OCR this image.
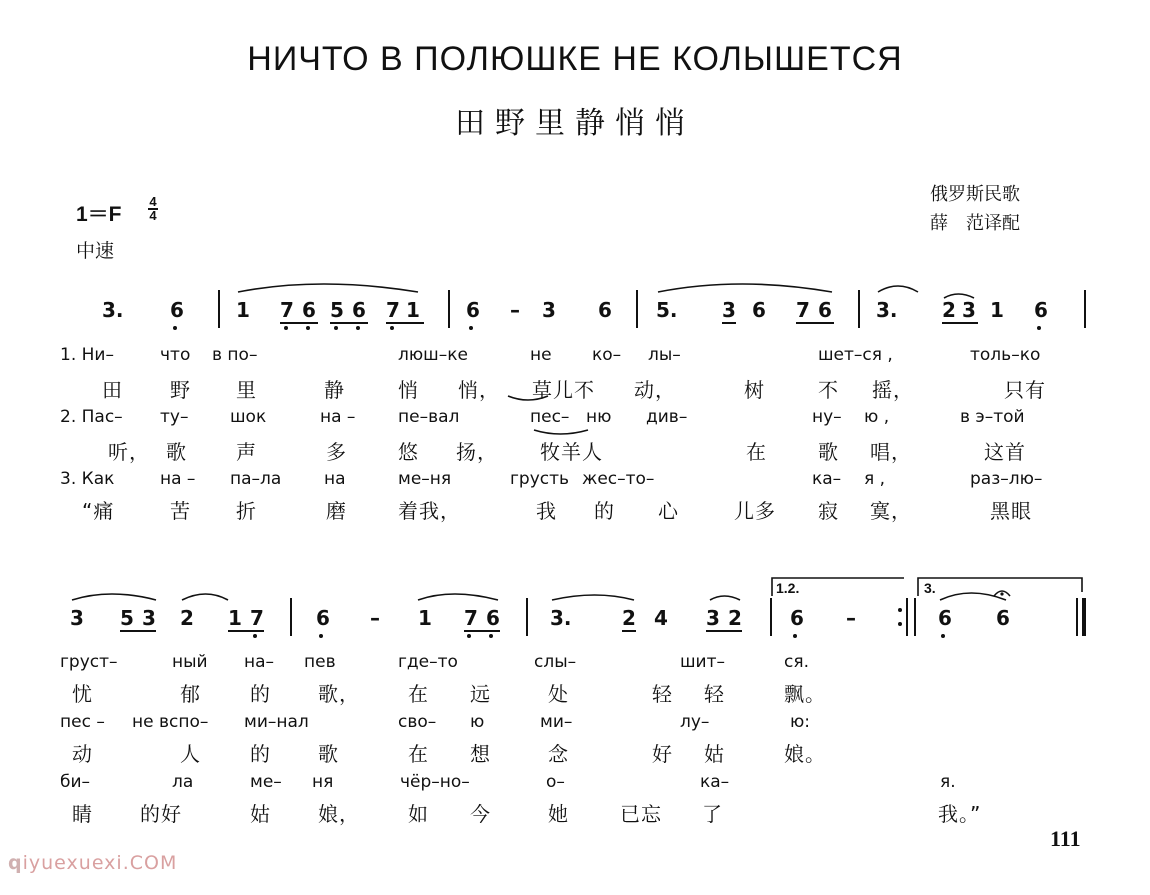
НИЧТО В ПОЛЮШКЕ НЕ КОЛЫШЕТСЯ
田野里静悄悄
1＝F
4
4
中速
俄罗斯民歌
薛　范译配
3. 6	1 7 6 5 6 7 1 6 – 3 6 5. 3 6 7 6 3. 2 3 1 6
1. Ни–	что в по–	люш–ке	не ко– лы–	шет–ся ,	толь–ко
田 野 里	静	悄 悄， 草儿不 动，	树	不 摇，	只有
2. Пас– ту– шок	на –	пе–вал	пес– ню див–	ну– ю ,	в э–той
听， 歌 声	多	悠 扬， 牧羊人	在	歌 唱，	这首
3. Как	на – па–ла	на	ме–ня	грусть жес–то–	ка– я ,	раз–лю–
“痛	苦 折	磨	着我，	我 的 心	儿多 寂 寞，	黑眼
1.2.	3.
3 5 3 2 1 7	6 – 1 7 6	3.	2 4 3 2 6 –	6 6
груст–	ный на– пев	где–то	слы–	шит–	ся.
忧	郁 的 歌， 在 远	处	轻 轻	飘。
пес – не вспо– ми–нал	сво– ю	ми–	лу–	ю:
动	人 的 歌	在 想	念	好 姑	娘。
би–	ла	ме– ня	чёр–но–	о–	ка–	я.
睛 的好	姑 娘， 如 今	她	已忘 了	我。”
111
qiyuexuexi.COM
